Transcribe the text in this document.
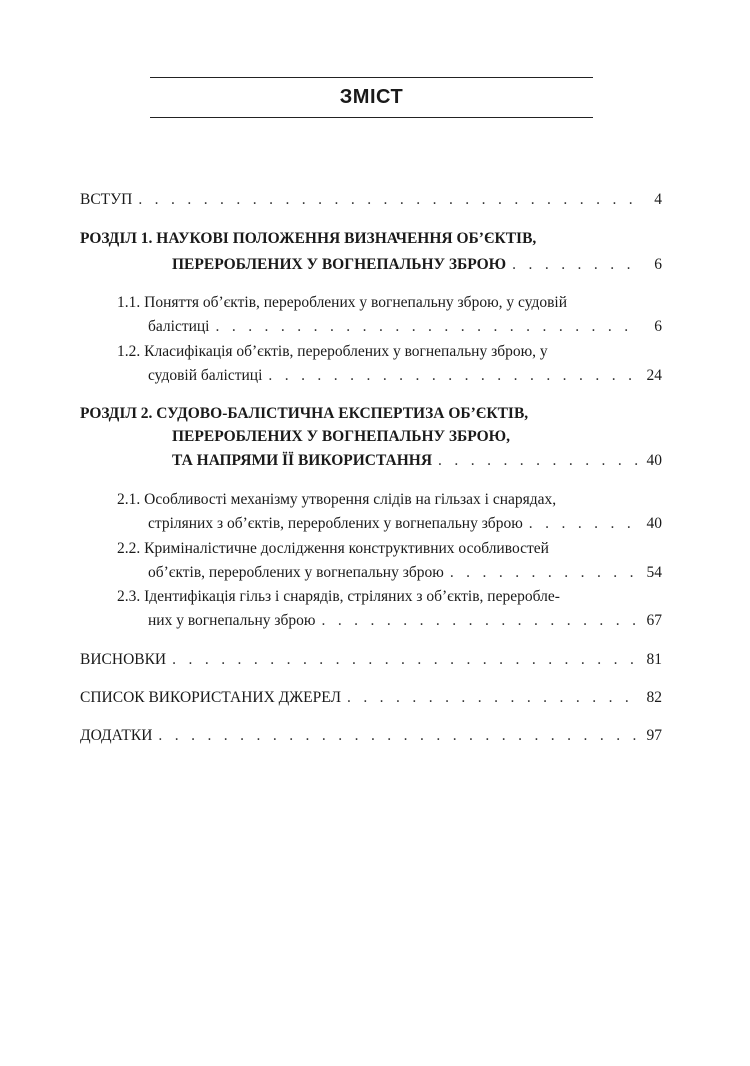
ЗМІСТ
ВСТУП . . .	4
РОЗДІЛ 1. НАУКОВІ ПОЛОЖЕННЯ ВИЗНАЧЕННЯ ОБ’ЄКТІВ,
ПЕРЕРОБЛЕНИХ У ВОГНЕПАЛЬНУ ЗБРОЮ . . .	6
1.1. Поняття об’єктів, перероблених у вогнепальну зброю, у судовій
балістиці . . .	6
1.2. Класифікація об’єктів, перероблених у вогнепальну зброю, у
судовій балістиці . . .	24
РОЗДІЛ 2. СУДОВО-БАЛІСТИЧНА ЕКСПЕРТИЗА ОБ’ЄКТІВ,
ПЕРЕРОБЛЕНИХ У ВОГНЕПАЛЬНУ ЗБРОЮ,
ТА НАПРЯМИ ЇЇ ВИКОРИСТАННЯ . . .	40
2.1. Особливості механізму утворення слідів на гільзах і снарядах,
стріляних з об’єктів, перероблених у вогнепальну зброю . . .	40
2.2. Криміналістичне дослідження конструктивних особливостей
об’єктів, перероблених у вогнепальну зброю . . .	54
2.3. Ідентифікація гільз і снарядів, стріляних з об’єктів, переробле-
них у вогнепальну зброю . . .	67
ВИСНОВКИ . . .	81
СПИСОК ВИКОРИСТАНИХ ДЖЕРЕЛ . . .	82
ДОДАТКИ . . .	97
